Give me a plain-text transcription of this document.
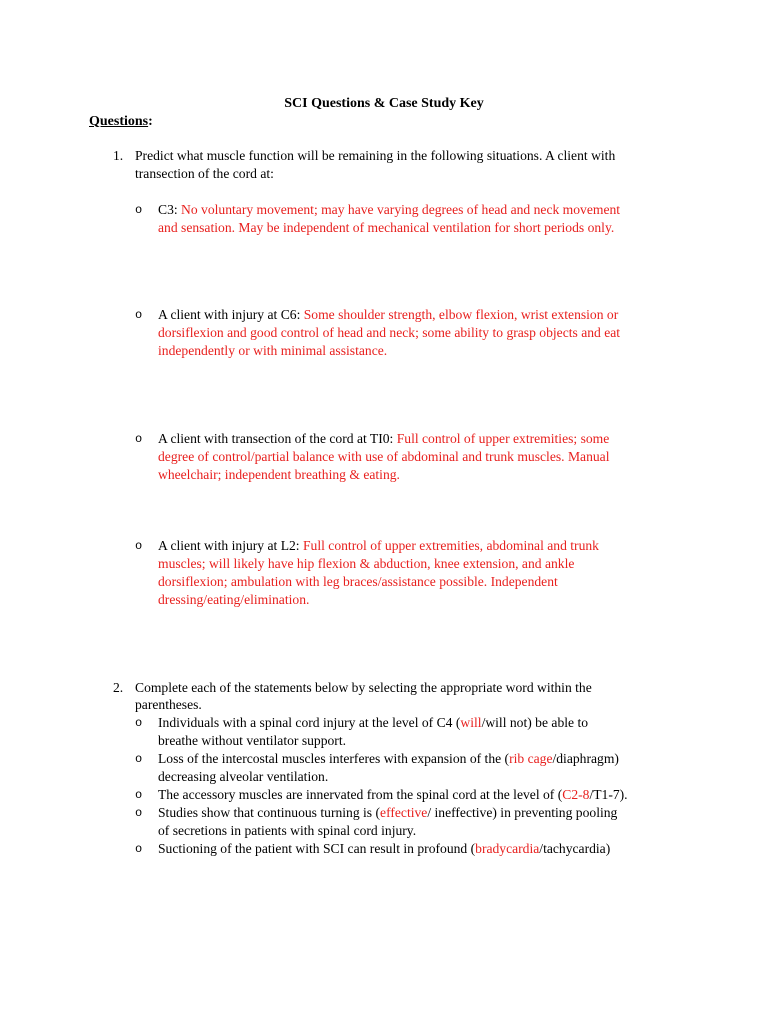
SCI Questions & Case Study Key
Questions:
1. Predict what muscle function will be remaining in the following situations. A client with
transection of the cord at:
o C3: No voluntary movement; may have varying degrees of head and neck movement
and sensation. May be independent of mechanical ventilation for short periods only.
o A client with injury at C6: Some shoulder strength, elbow flexion, wrist extension or
dorsiflexion and good control of head and neck; some ability to grasp objects and eat
independently or with minimal assistance.
o A client with transection of the cord at TI0: Full control of upper extremities; some
degree of control/partial balance with use of abdominal and trunk muscles. Manual
wheelchair; independent breathing & eating.
o A client with injury at L2: Full control of upper extremities, abdominal and trunk
muscles; will likely have hip flexion & abduction, knee extension, and ankle
dorsiflexion; ambulation with leg braces/assistance possible. Independent
dressing/eating/elimination.
2. Complete each of the statements below by selecting the appropriate word within the
parentheses.
o Individuals with a spinal cord injury at the level of C4 (will/will not) be able to
breathe without ventilator support.
o Loss of the intercostal muscles interferes with expansion of the (rib cage/diaphragm)
decreasing alveolar ventilation.
o The accessory muscles are innervated from the spinal cord at the level of (C2-8/T1-7).
o Studies show that continuous turning is (effective/ ineffective) in preventing pooling
of secretions in patients with spinal cord injury.
o Suctioning of the patient with SCI can result in profound (bradycardia/tachycardia)
